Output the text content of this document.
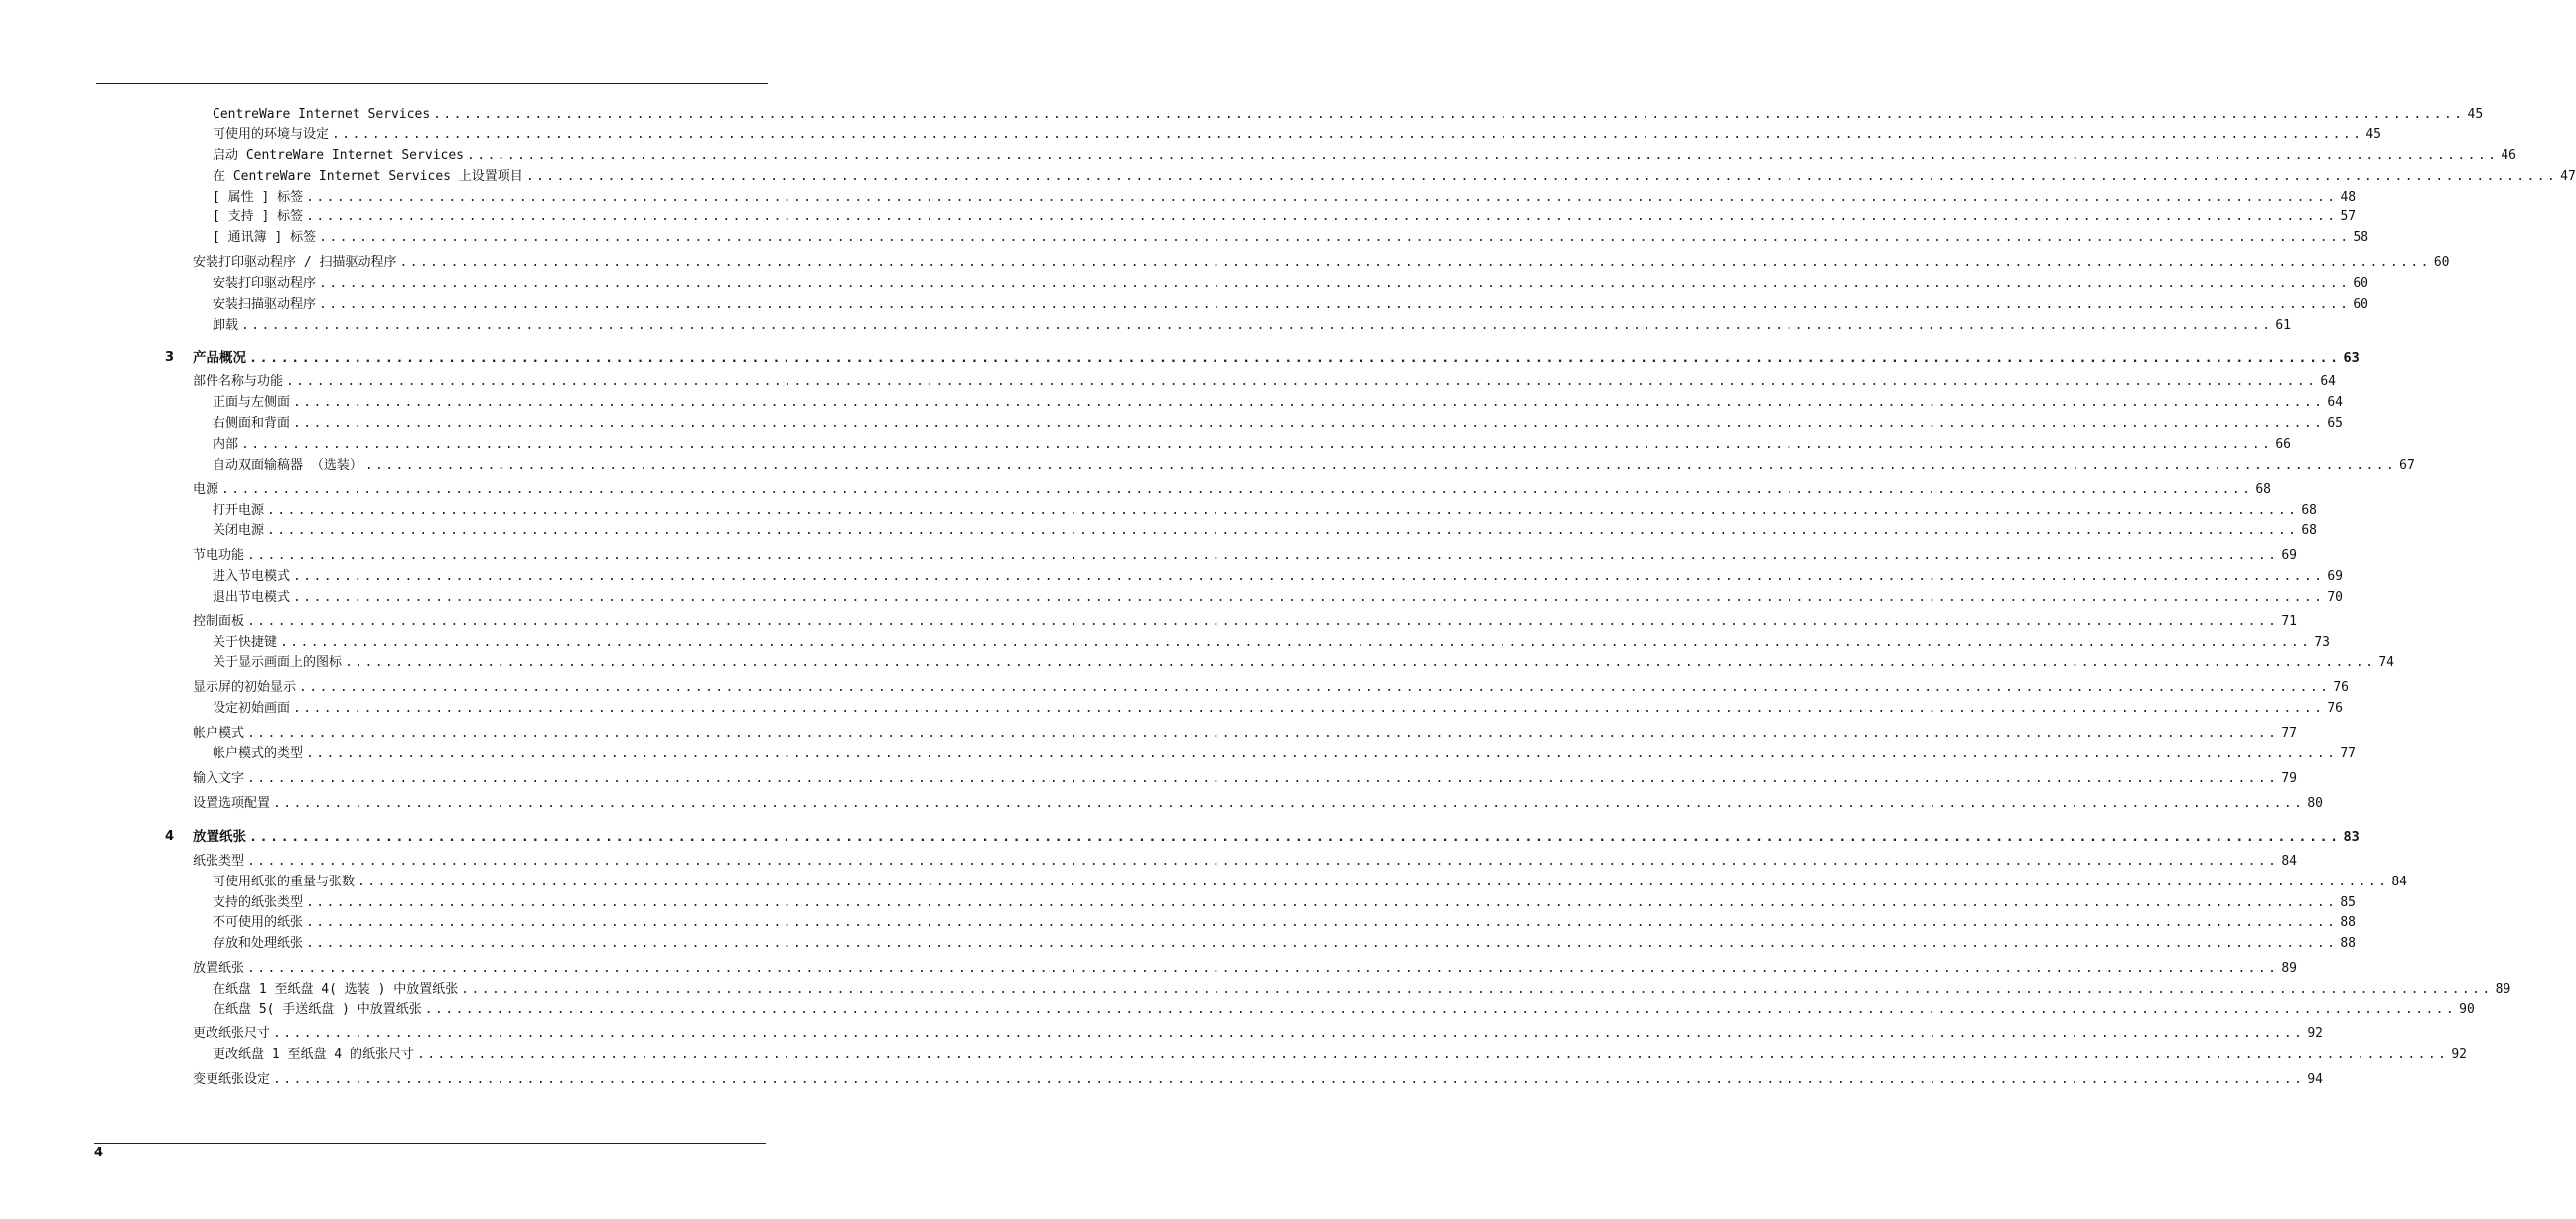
CentreWare Internet Services ........................................................................................................................................................................................................ 45
可使用的环境与设定 ........................................................................................................................................................................................................ 45
启动 CentreWare Internet Services ........................................................................................................................................................................................................ 46
在 CentreWare Internet Services 上设置项目 ........................................................................................................................................................................................................ 47
[ 属性 ] 标签 ........................................................................................................................................................................................................ 48
[ 支持 ] 标签 ........................................................................................................................................................................................................ 57
[ 通讯簿 ] 标签 ........................................................................................................................................................................................................ 58
安装打印驱动程序 / 扫描驱动程序 ........................................................................................................................................................................................................ 60
安装打印驱动程序 ........................................................................................................................................................................................................ 60
安装扫描驱动程序 ........................................................................................................................................................................................................ 60
卸载 ........................................................................................................................................................................................................ 61
产品概况 ........................................................................................................................................................................................................ 63
3
部件名称与功能 ........................................................................................................................................................................................................ 64
正面与左侧面 ........................................................................................................................................................................................................ 64
右侧面和背面 ........................................................................................................................................................................................................ 65
内部 ........................................................................................................................................................................................................ 66
自动双面输稿器 （选装） ........................................................................................................................................................................................................ 67
电源 ........................................................................................................................................................................................................ 68
打开电源 ........................................................................................................................................................................................................ 68
关闭电源 ........................................................................................................................................................................................................ 68
节电功能 ........................................................................................................................................................................................................ 69
进入节电模式 ........................................................................................................................................................................................................ 69
退出节电模式 ........................................................................................................................................................................................................ 70
控制面板 ........................................................................................................................................................................................................ 71
关于快捷键 ........................................................................................................................................................................................................ 73
关于显示画面上的图标 ........................................................................................................................................................................................................ 74
显示屏的初始显示 ........................................................................................................................................................................................................ 76
设定初始画面 ........................................................................................................................................................................................................ 76
帐户模式 ........................................................................................................................................................................................................ 77
帐户模式的类型 ........................................................................................................................................................................................................ 77
输入文字 ........................................................................................................................................................................................................ 79
设置选项配置 ........................................................................................................................................................................................................ 80
放置纸张 ........................................................................................................................................................................................................ 83
4
纸张类型 ........................................................................................................................................................................................................ 84
可使用纸张的重量与张数 ........................................................................................................................................................................................................ 84
支持的纸张类型 ........................................................................................................................................................................................................ 85
不可使用的纸张 ........................................................................................................................................................................................................ 88
存放和处理纸张 ........................................................................................................................................................................................................ 88
放置纸张 ........................................................................................................................................................................................................ 89
在纸盘 1 至纸盘 4( 选装 ) 中放置纸张 ........................................................................................................................................................................................................ 89
在纸盘 5( 手送纸盘 ) 中放置纸张 ........................................................................................................................................................................................................ 90
更改纸张尺寸 ........................................................................................................................................................................................................ 92
更改纸盘 1 至纸盘 4 的纸张尺寸 ........................................................................................................................................................................................................ 92
变更纸张设定 ........................................................................................................................................................................................................ 94
4
